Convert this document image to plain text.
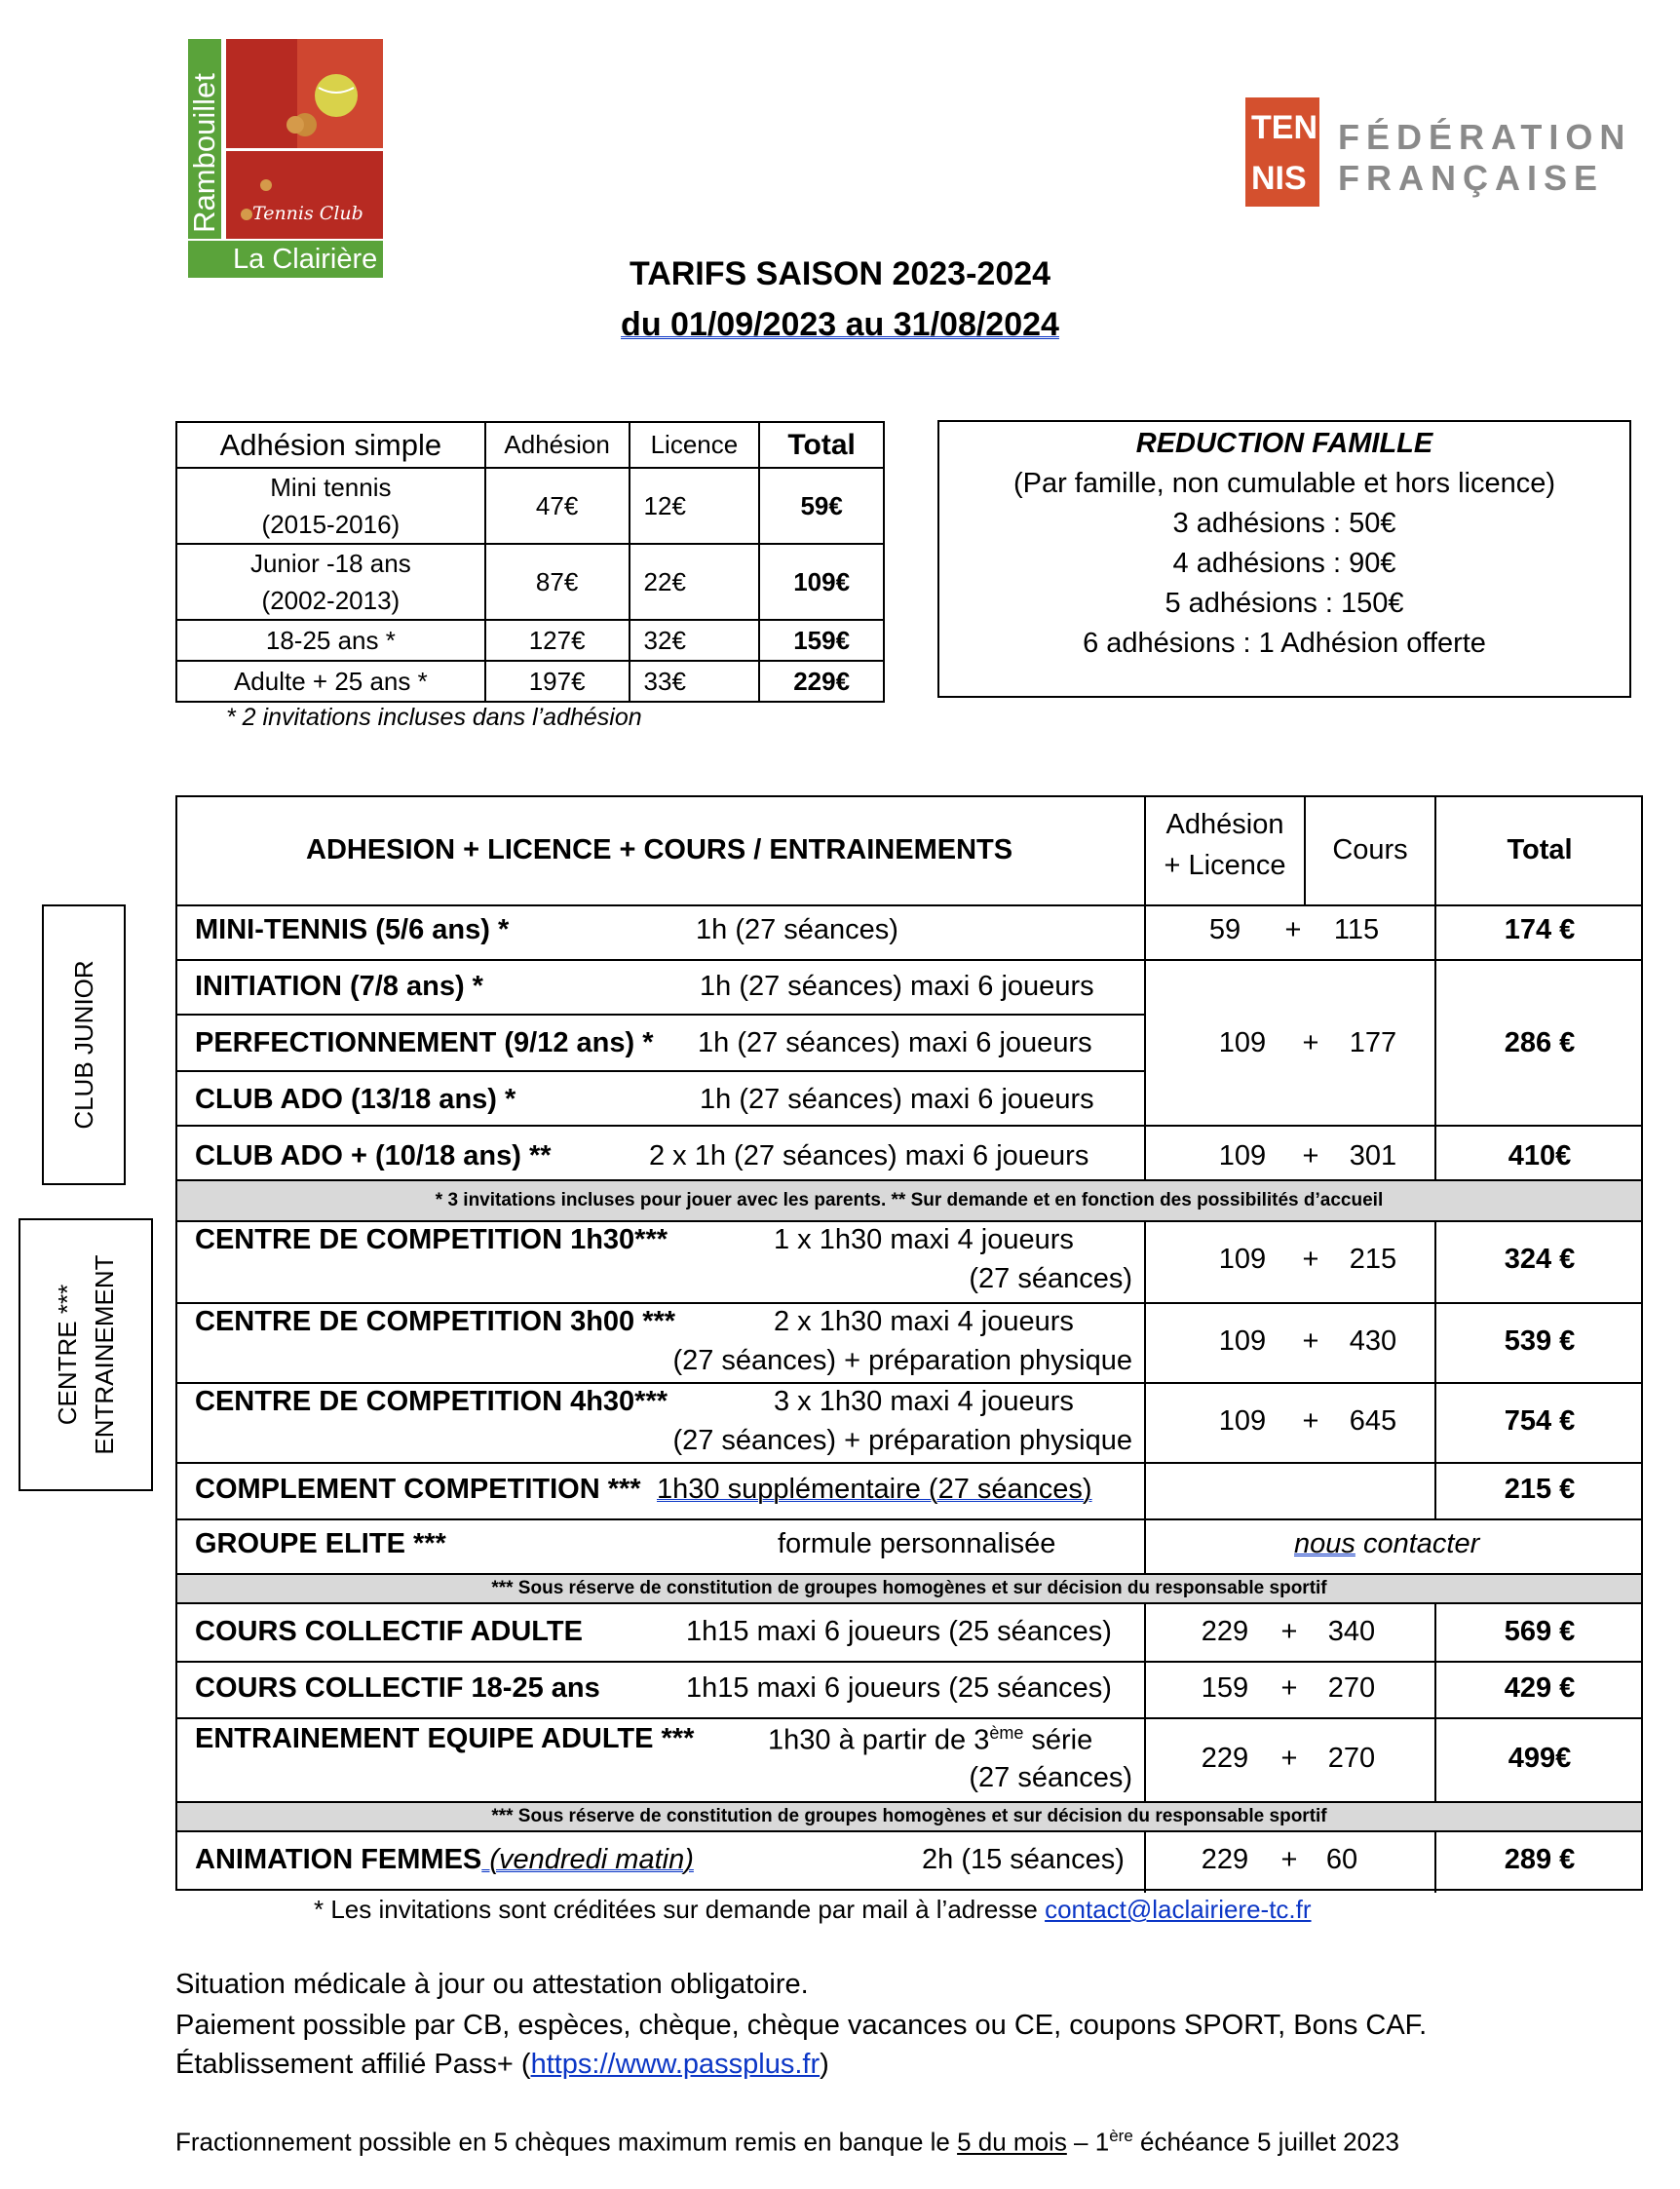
Rambouillet Tennis Club
La Clairière
TEN
NIS
FÉDÉRATION
FRANÇAISE
TARIFS SAISON 2023-2024
du 01/09/2023 au 31/08/2024
Adhésion simple	Adhésion	Licence	Total

Mini tennis
(2015-2016)	47€	12€	59€

Junior -18 ans
(2002-2013)	87€	22€	109€
18-25 ans *	127€	32€	159€
Adulte + 25 ans *	197€	33€	229€
* 2 invitations incluses dans l’adhésion
REDUCTION FAMILLE
(Par famille, non cumulable et hors licence)
3 adhésions : 50€
4 adhésions : 90€
5 adhésions : 150€
6 adhésions : 1 Adhésion offerte
CLUB JUNIOR
CENTRE *** ENTRAINEMENT
* 3 invitations incluses pour jouer avec les parents. ** Sur demande et en fonction des possibilités d’accueil
*** Sous réserve de constitution de groupes homogènes et sur décision du responsable sportif
*** Sous réserve de constitution de groupes homogènes et sur décision du responsable sportif
ADHESION + LICENCE + COURS / ENTRAINEMENTS
Adhésion
+ Licence	Cours	Total
MINI-TENNIS (5/6 ans) *	1h (27 séances)	59	+	115	174 €
INITIATION (7/8 ans) *	1h (27 séances) maxi 6 joueurs
PERFECTIONNEMENT (9/12 ans) * 1h (27 séances) maxi 6 joueurs	109	+	177	286 €
CLUB ADO (13/18 ans) *	1h (27 séances) maxi 6 joueurs
CLUB ADO + (10/18 ans) **	2 x 1h (27 séances) maxi 6 joueurs	109	+	301	410€
CENTRE DE COMPETITION 1h30***	1 x 1h30 maxi 4 joueurs
(27 séances)
109	+	215	324 €
CENTRE DE COMPETITION 3h00 ***	2 x 1h30 maxi 4 joueurs
(27 séances) + préparation physique
109	+	430	539 €
CENTRE DE COMPETITION 4h30***	3 x 1h30 maxi 4 joueurs
(27 séances) + préparation physique
109	+	645	754 €
COMPLEMENT COMPETITION *** 1h30 supplémentaire (27 séances)	215 €
GROUPE ELITE ***	formule personnalisée	nous contacter
COURS COLLECTIF ADULTE	1h15 maxi 6 joueurs (25 séances)	229	+	340	569 €
COURS COLLECTIF 18-25 ans	1h15 maxi 6 joueurs (25 séances)	159	+	270	429 €
ENTRAINEMENT EQUIPE ADULTE ***	1h30 à partir de 3ème série
(27 séances)
229	+	270	499€
ANIMATION FEMMES (vendredi matin)	2h (15 séances)	229	+	60	289 €
* Les invitations sont créditées sur demande par mail à l’adresse contact@laclairiere-tc.fr
Situation médicale à jour ou attestation obligatoire.
Paiement possible par CB, espèces, chèque, chèque vacances ou CE, coupons SPORT, Bons CAF.
Établissement affilié Pass+ (https://www.passplus.fr)
Fractionnement possible en 5 chèques maximum remis en banque le 5 du mois – 1ère échéance 5 juillet 2023
